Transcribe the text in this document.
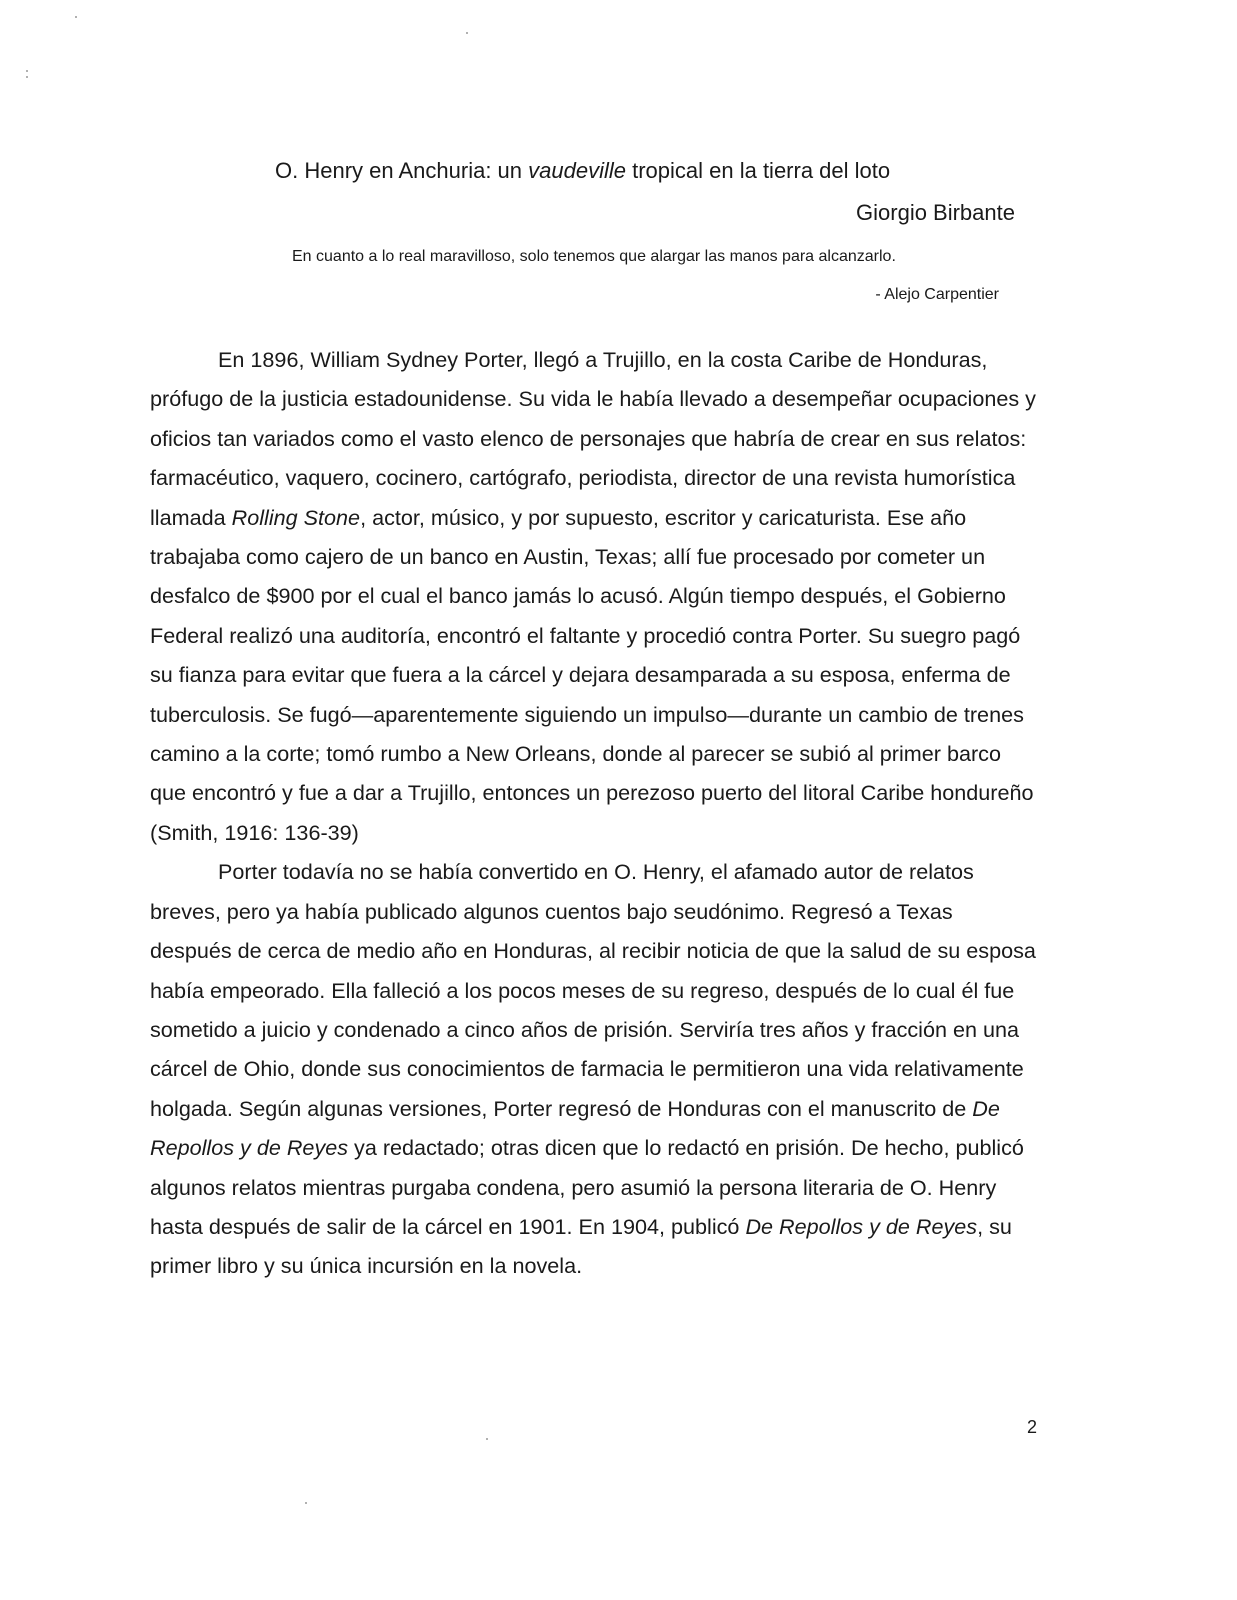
O. Henry en Anchuria: un vaudeville tropical en la tierra del loto
Giorgio Birbante
En cuanto a lo real maravilloso, solo tenemos que alargar las manos para alcanzarlo.
- Alejo Carpentier

En 1896, William Sydney Porter, llegó a Trujillo, en la costa Caribe de Honduras, prófugo de la justicia estadounidense. Su vida le había llevado a desempeñar ocupaciones y oficios tan variados como el vasto elenco de personajes que habría de crear en sus relatos: farmacéutico, vaquero, cocinero, cartógrafo, periodista, director de una revista humorística llamada Rolling Stone, actor, músico, y por supuesto, escritor y caricaturista. Ese año trabajaba como cajero de un banco en Austin, Texas; allí fue procesado por cometer un desfalco de $900 por el cual el banco jamás lo acusó. Algún tiempo después, el Gobierno Federal realizó una auditoría, encontró el faltante y procedió contra Porter. Su suegro pagó su fianza para evitar que fuera a la cárcel y dejara desamparada a su esposa, enferma de tuberculosis. Se fugó—aparentemente siguiendo un impulso—durante un cambio de trenes camino a la corte; tomó rumbo a New Orleans, donde al parecer se subió al primer barco que encontró y fue a dar a Trujillo, entonces un perezoso puerto del litoral Caribe hondureño (Smith, 1916: 136-39)

Porter todavía no se había convertido en O. Henry, el afamado autor de relatos breves, pero ya había publicado algunos cuentos bajo seudónimo. Regresó a Texas después de cerca de medio año en Honduras, al recibir noticia de que la salud de su esposa había empeorado. Ella falleció a los pocos meses de su regreso, después de lo cual él fue sometido a juicio y condenado a cinco años de prisión. Serviría tres años y fracción en una cárcel de Ohio, donde sus conocimientos de farmacia le permitieron una vida relativamente holgada. Según algunas versiones, Porter regresó de Honduras con el manuscrito de De Repollos y de Reyes ya redactado; otras dicen que lo redactó en prisión. De hecho, publicó algunos relatos mientras purgaba condena, pero asumió la persona literaria de O. Henry hasta después de salir de la cárcel en 1901. En 1904, publicó De Repollos y de Reyes, su primer libro y su única incursión en la novela.

2
